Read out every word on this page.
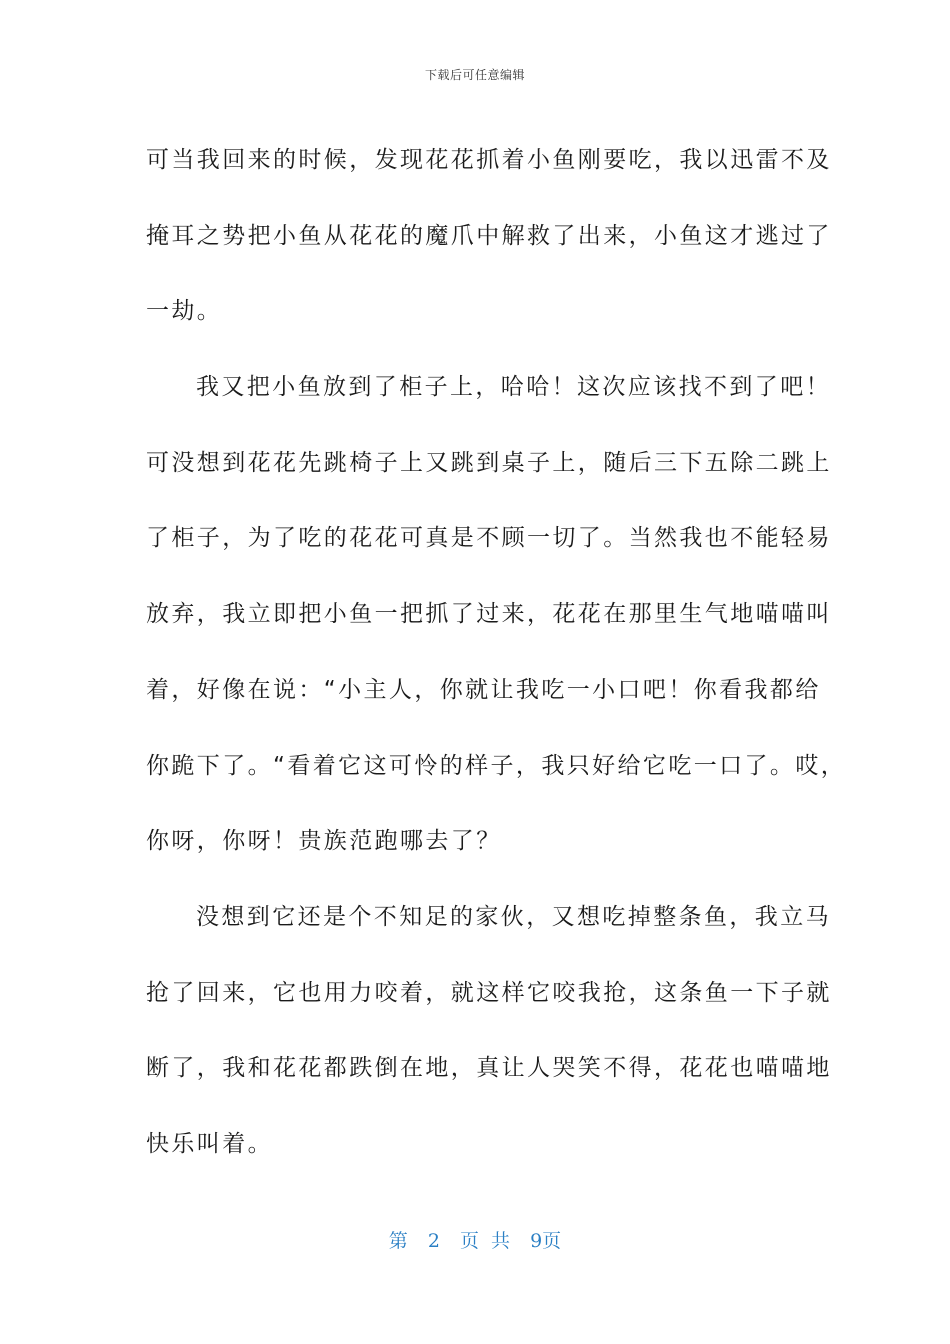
下载后可任意编辑
可当我回来的时候，发现花花抓着小鱼刚要吃，我以迅雷不及
掩耳之势把小鱼从花花的魔爪中解救了出来，小鱼这才逃过了
一劫。
我又把小鱼放到了柜子上，哈哈！这次应该找不到了吧！
可没想到花花先跳椅子上又跳到桌子上，随后三下五除二跳上
了柜子，为了吃的花花可真是不顾一切了。当然我也不能轻易
放弃，我立即把小鱼一把抓了过来，花花在那里生气地喵喵叫
着，好像在说：“小主人，你就让我吃一小口吧！你看我都给
你跪下了。“看着它这可怜的样子，我只好给它吃一口了。哎，
你呀，你呀！贵族范跑哪去了？
没想到它还是个不知足的家伙，又想吃掉整条鱼，我立马
抢了回来，它也用力咬着，就这样它咬我抢，这条鱼一下子就
断了，我和花花都跌倒在地，真让人哭笑不得，花花也喵喵地
快乐叫着。
第 2 页 共 9页
